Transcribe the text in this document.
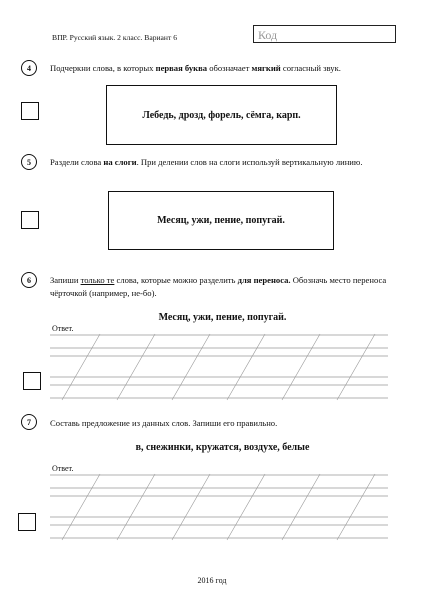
ВПР. Русский язык. 2 класс. Вариант 6	Код
4	Подчеркни слова, в которых первая буква обозначает мягкий согласный звук.
Лебедь, дрозд, форель, сёмга, карп.
5	Раздели слова на слоги. При делении слов на слоги используй вертикальную линию.
Месяц, ужи, пение, попугай.
6	Запиши только те слова, которые можно разделить для переноса. Обозначь место переноса чёрточкой (например, не-бо).
Месяц, ужи, пение, попугай.
Ответ.
7	Составь предложение из данных слов. Запиши его правильно.
в, снежинки, кружатся, воздухе, белые
Ответ.
2016 год
